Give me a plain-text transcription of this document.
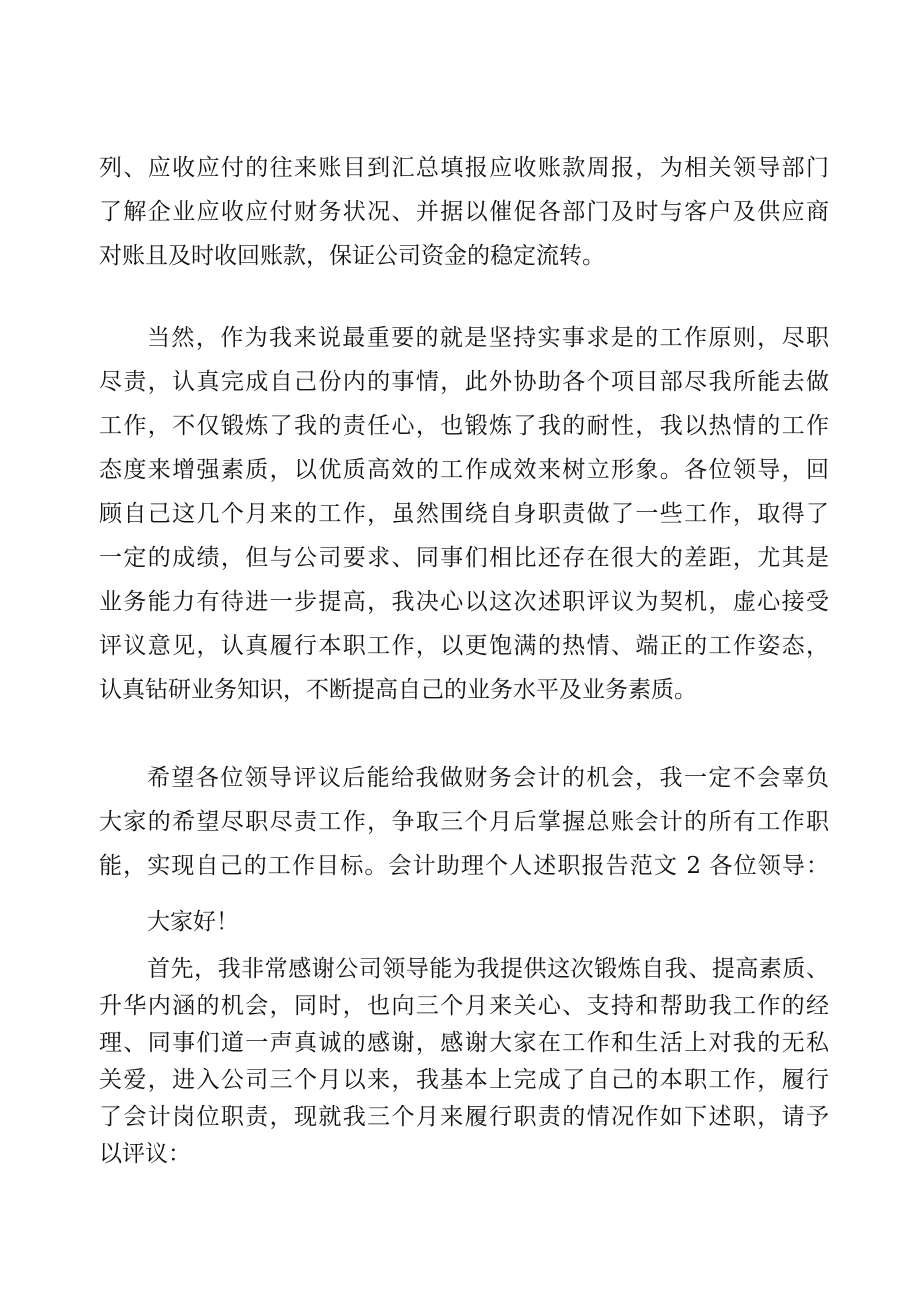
列、应收应付的往来账目到汇总填报应收账款周报，为相关领导部门
了解企业应收应付财务状况、并据以催促各部门及时与客户及供应商
对账且及时收回账款，保证公司资金的稳定流转。
当然，作为我来说最重要的就是坚持实事求是的工作原则，尽职
尽责，认真完成自己份内的事情，此外协助各个项目部尽我所能去做
工作，不仅锻炼了我的责任心，也锻炼了我的耐性，我以热情的工作
态度来增强素质，以优质高效的工作成效来树立形象。各位领导，回
顾自己这几个月来的工作，虽然围绕自身职责做了一些工作，取得了
一定的成绩，但与公司要求、同事们相比还存在很大的差距，尤其是
业务能力有待进一步提高，我决心以这次述职评议为契机，虚心接受
评议意见，认真履行本职工作，以更饱满的热情、端正的工作姿态，
认真钻研业务知识，不断提高自己的业务水平及业务素质。
希望各位领导评议后能给我做财务会计的机会，我一定不会辜负
大家的希望尽职尽责工作，争取三个月后掌握总账会计的所有工作职
能，实现自己的工作目标。会计助理个人述职报告范文 2 各位领导：
大家好！
首先，我非常感谢公司领导能为我提供这次锻炼自我、提高素质、
升华内涵的机会，同时，也向三个月来关心、支持和帮助我工作的经
理、同事们道一声真诚的感谢，感谢大家在工作和生活上对我的无私
关爱，进入公司三个月以来，我基本上完成了自己的本职工作，履行
了会计岗位职责，现就我三个月来履行职责的情况作如下述职，请予
以评议：
